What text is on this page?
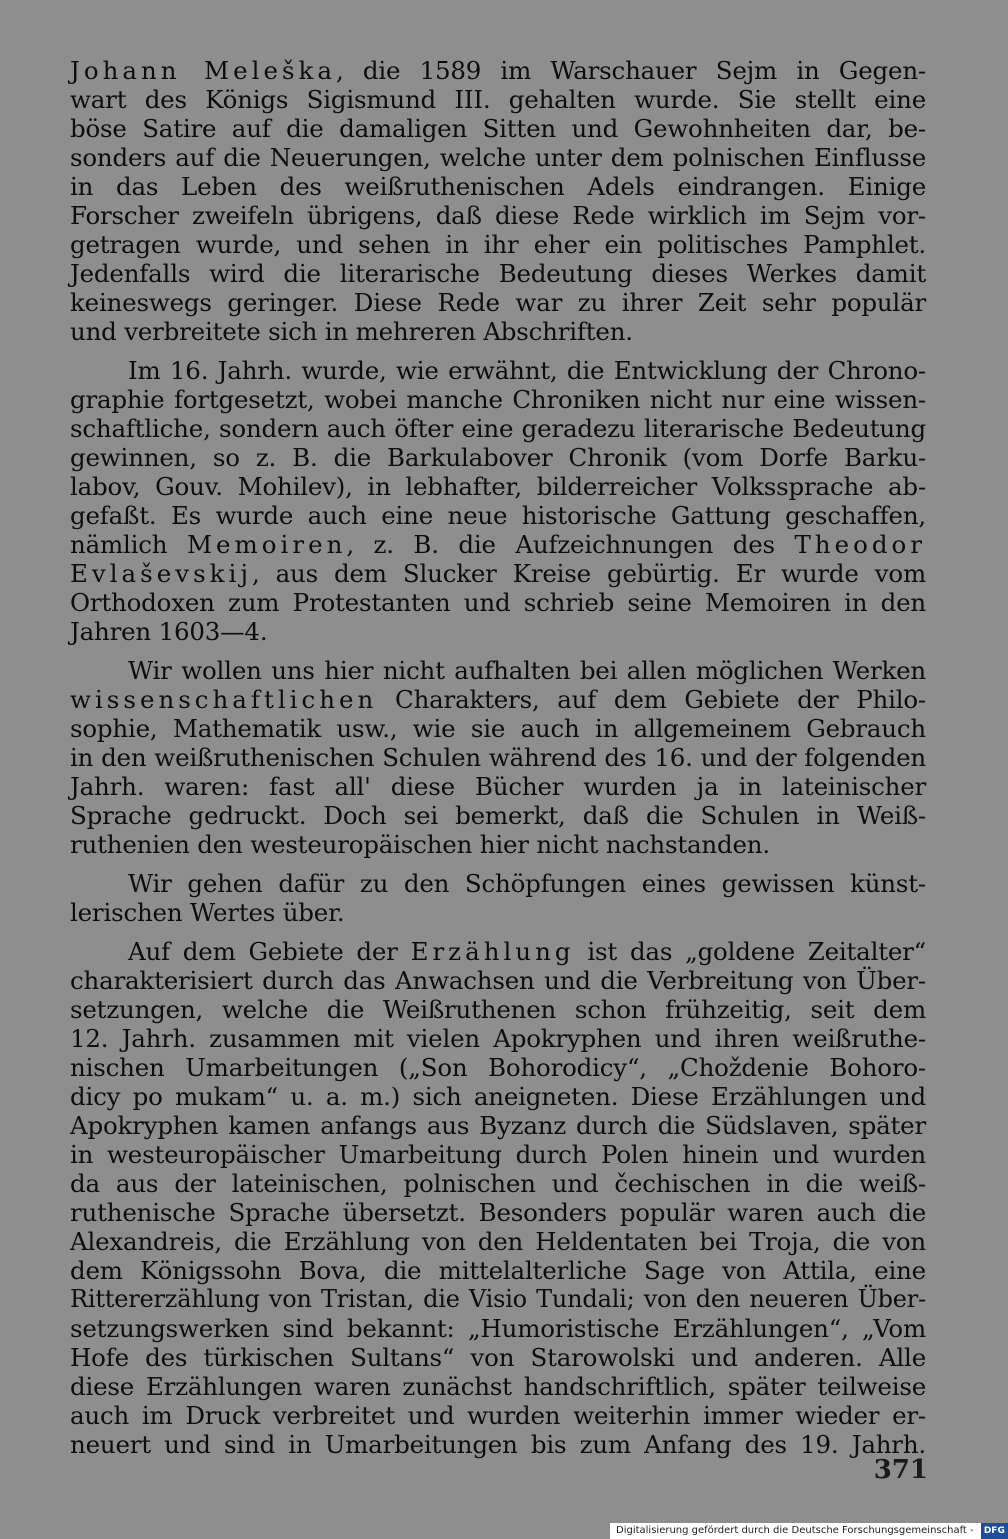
Johann Meleška, die 1589 im Warschauer Sejm in Gegen-
wart des Königs Sigismund III. gehalten wurde. Sie stellt eine
böse Satire auf die damaligen Sitten und Gewohnheiten dar, be-
sonders auf die Neuerungen, welche unter dem polnischen Einflusse
in das Leben des weißruthenischen Adels eindrangen. Einige
Forscher zweifeln übrigens, daß diese Rede wirklich im Sejm vor-
getragen wurde, und sehen in ihr eher ein politisches Pamphlet.
Jedenfalls wird die literarische Bedeutung dieses Werkes damit
keineswegs geringer. Diese Rede war zu ihrer Zeit sehr populär
und verbreitete sich in mehreren Abschriften.
Im 16. Jahrh. wurde, wie erwähnt, die Entwicklung der Chrono-
graphie fortgesetzt, wobei manche Chroniken nicht nur eine wissen-
schaftliche, sondern auch öfter eine geradezu literarische Bedeutung
gewinnen, so z. B. die Barkulabover Chronik (vom Dorfe Barku-
labov, Gouv. Mohilev), in lebhafter, bilderreicher Volkssprache ab-
gefaßt. Es wurde auch eine neue historische Gattung geschaffen,
nämlich Memoiren, z. B. die Aufzeichnungen des Theodor
Evlaševskij, aus dem Slucker Kreise gebürtig. Er wurde vom
Orthodoxen zum Protestanten und schrieb seine Memoiren in den
Jahren 1603—4.
Wir wollen uns hier nicht aufhalten bei allen möglichen Werken
wissenschaftlichen Charakters, auf dem Gebiete der Philo-
sophie, Mathematik usw., wie sie auch in allgemeinem Gebrauch
in den weißruthenischen Schulen während des 16. und der folgenden
Jahrh. waren: fast all' diese Bücher wurden ja in lateinischer
Sprache gedruckt. Doch sei bemerkt, daß die Schulen in Weiß-
ruthenien den westeuropäischen hier nicht nachstanden.
Wir gehen dafür zu den Schöpfungen eines gewissen künst-
lerischen Wertes über.
Auf dem Gebiete der Erzählung ist das „goldene Zeitalter“
charakterisiert durch das Anwachsen und die Verbreitung von Über-
setzungen, welche die Weißruthenen schon frühzeitig, seit dem
12. Jahrh. zusammen mit vielen Apokryphen und ihren weißruthe-
nischen Umarbeitungen („Son Bohorodicy“, „Choždenie Bohoro-
dicy po mukam“ u. a. m.) sich aneigneten. Diese Erzählungen und
Apokryphen kamen anfangs aus Byzanz durch die Südslaven, später
in westeuropäischer Umarbeitung durch Polen hinein und wurden
da aus der lateinischen, polnischen und čechischen in die weiß-
ruthenische Sprache übersetzt. Besonders populär waren auch die
Alexandreis, die Erzählung von den Heldentaten bei Troja, die von
dem Königssohn Bova, die mittelalterliche Sage von Attila, eine
Rittererzählung von Tristan, die Visio Tundali; von den neueren Über-
setzungswerken sind bekannt: „Humoristische Erzählungen“, „Vom
Hofe des türkischen Sultans“ von Starowolski und anderen. Alle
diese Erzählungen waren zunächst handschriftlich, später teilweise
auch im Druck verbreitet und wurden weiterhin immer wieder er-
neuert und sind in Umarbeitungen bis zum Anfang des 19. Jahrh.
371
Digitalisierung gefördert durch die Deutsche Forschungsgemeinschaft - DFG
